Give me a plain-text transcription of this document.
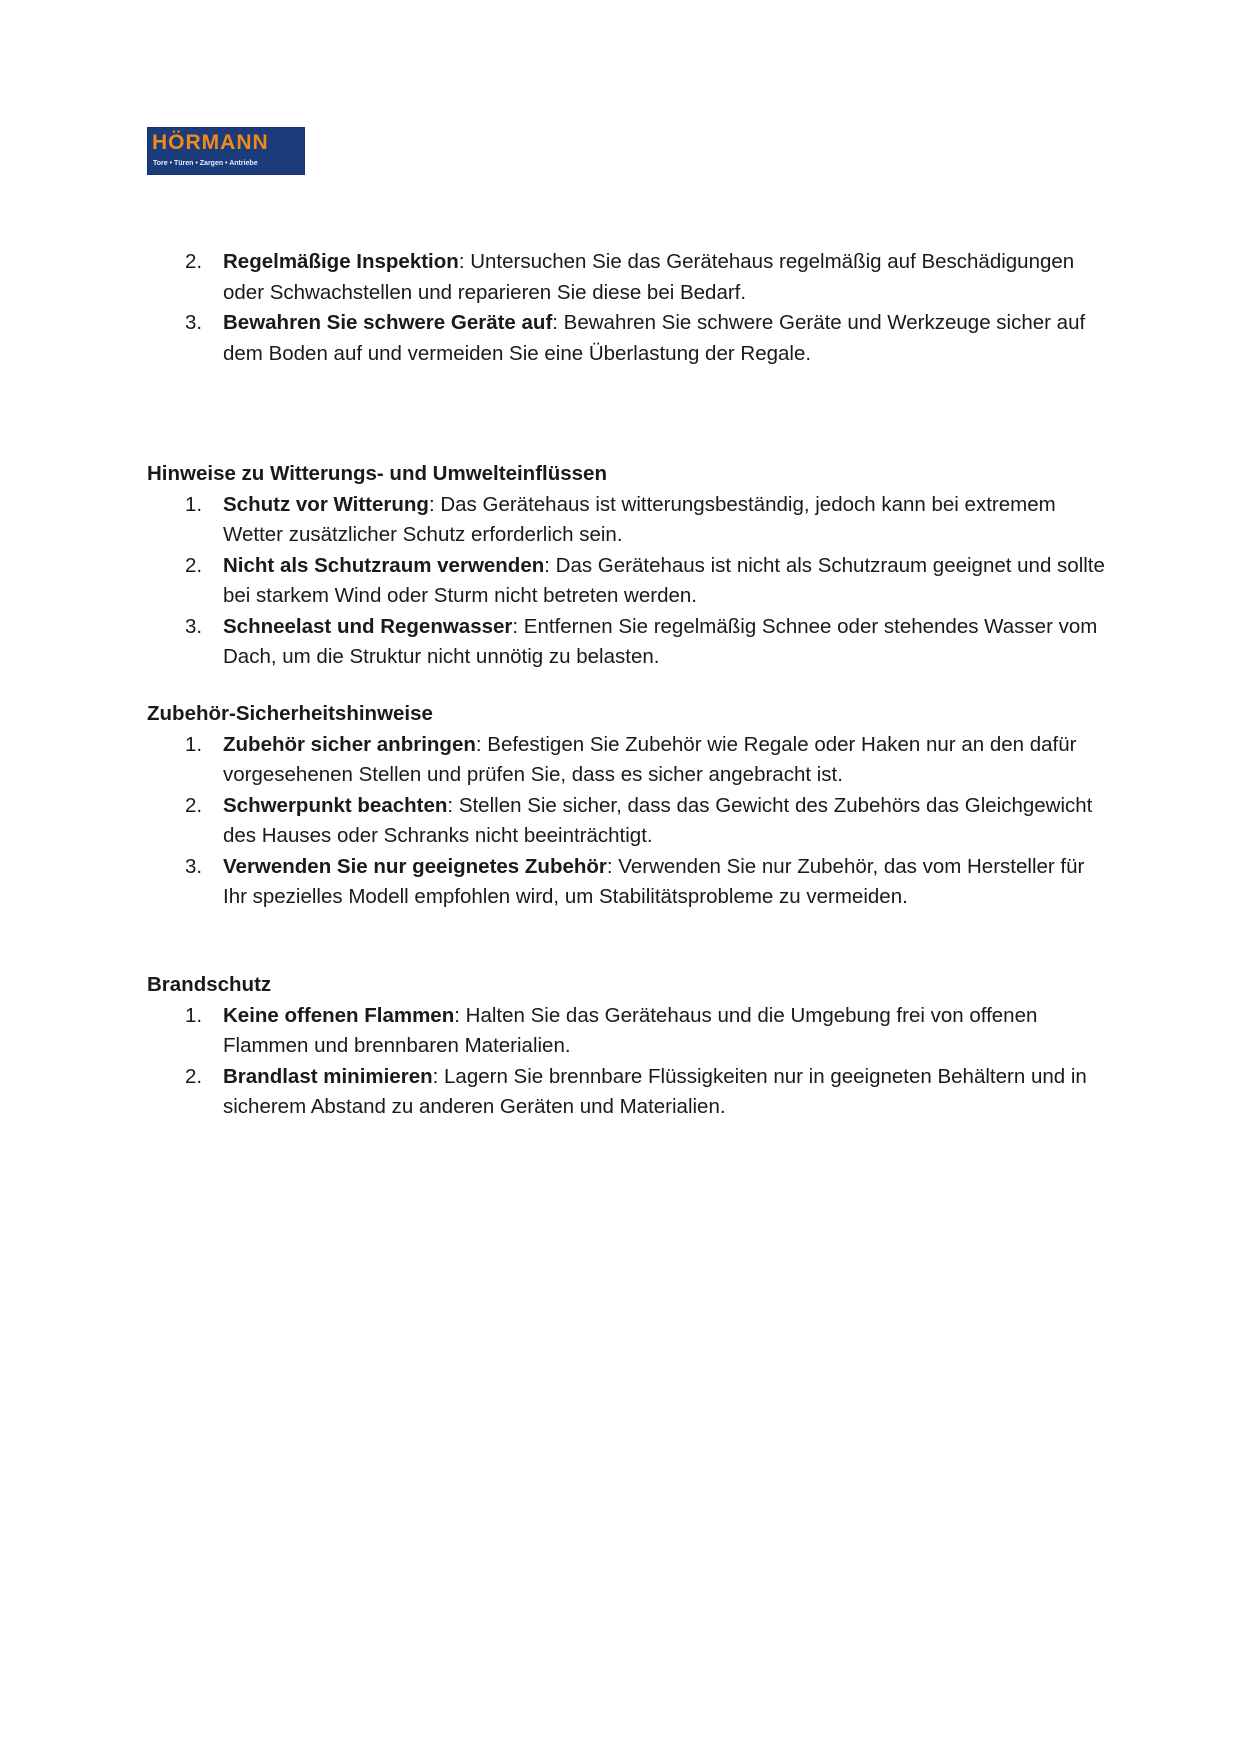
HÖRMANN
Tore • Türen • Zargen • Antriebe
2. Regelmäßige Inspektion: Untersuchen Sie das Gerätehaus regelmäßig auf Beschädigungen oder Schwachstellen und reparieren Sie diese bei Bedarf.
3. Bewahren Sie schwere Geräte auf: Bewahren Sie schwere Geräte und Werkzeuge sicher auf dem Boden auf und vermeiden Sie eine Überlastung der Regale.
Hinweise zu Witterungs- und Umwelteinflüssen
1. Schutz vor Witterung: Das Gerätehaus ist witterungsbeständig, jedoch kann bei extremem Wetter zusätzlicher Schutz erforderlich sein.
2. Nicht als Schutzraum verwenden: Das Gerätehaus ist nicht als Schutzraum geeignet und sollte bei starkem Wind oder Sturm nicht betreten werden.
3. Schneelast und Regenwasser: Entfernen Sie regelmäßig Schnee oder stehendes Wasser vom Dach, um die Struktur nicht unnötig zu belasten.
Zubehör-Sicherheitshinweise
1. Zubehör sicher anbringen: Befestigen Sie Zubehör wie Regale oder Haken nur an den dafür vorgesehenen Stellen und prüfen Sie, dass es sicher angebracht ist.
2. Schwerpunkt beachten: Stellen Sie sicher, dass das Gewicht des Zubehörs das Gleichgewicht des Hauses oder Schranks nicht beeinträchtigt.
3. Verwenden Sie nur geeignetes Zubehör: Verwenden Sie nur Zubehör, das vom Hersteller für Ihr spezielles Modell empfohlen wird, um Stabilitätsprobleme zu vermeiden.
Brandschutz
1. Keine offenen Flammen: Halten Sie das Gerätehaus und die Umgebung frei von offenen Flammen und brennbaren Materialien.
2. Brandlast minimieren: Lagern Sie brennbare Flüssigkeiten nur in geeigneten Behältern und in sicherem Abstand zu anderen Geräten und Materialien.
